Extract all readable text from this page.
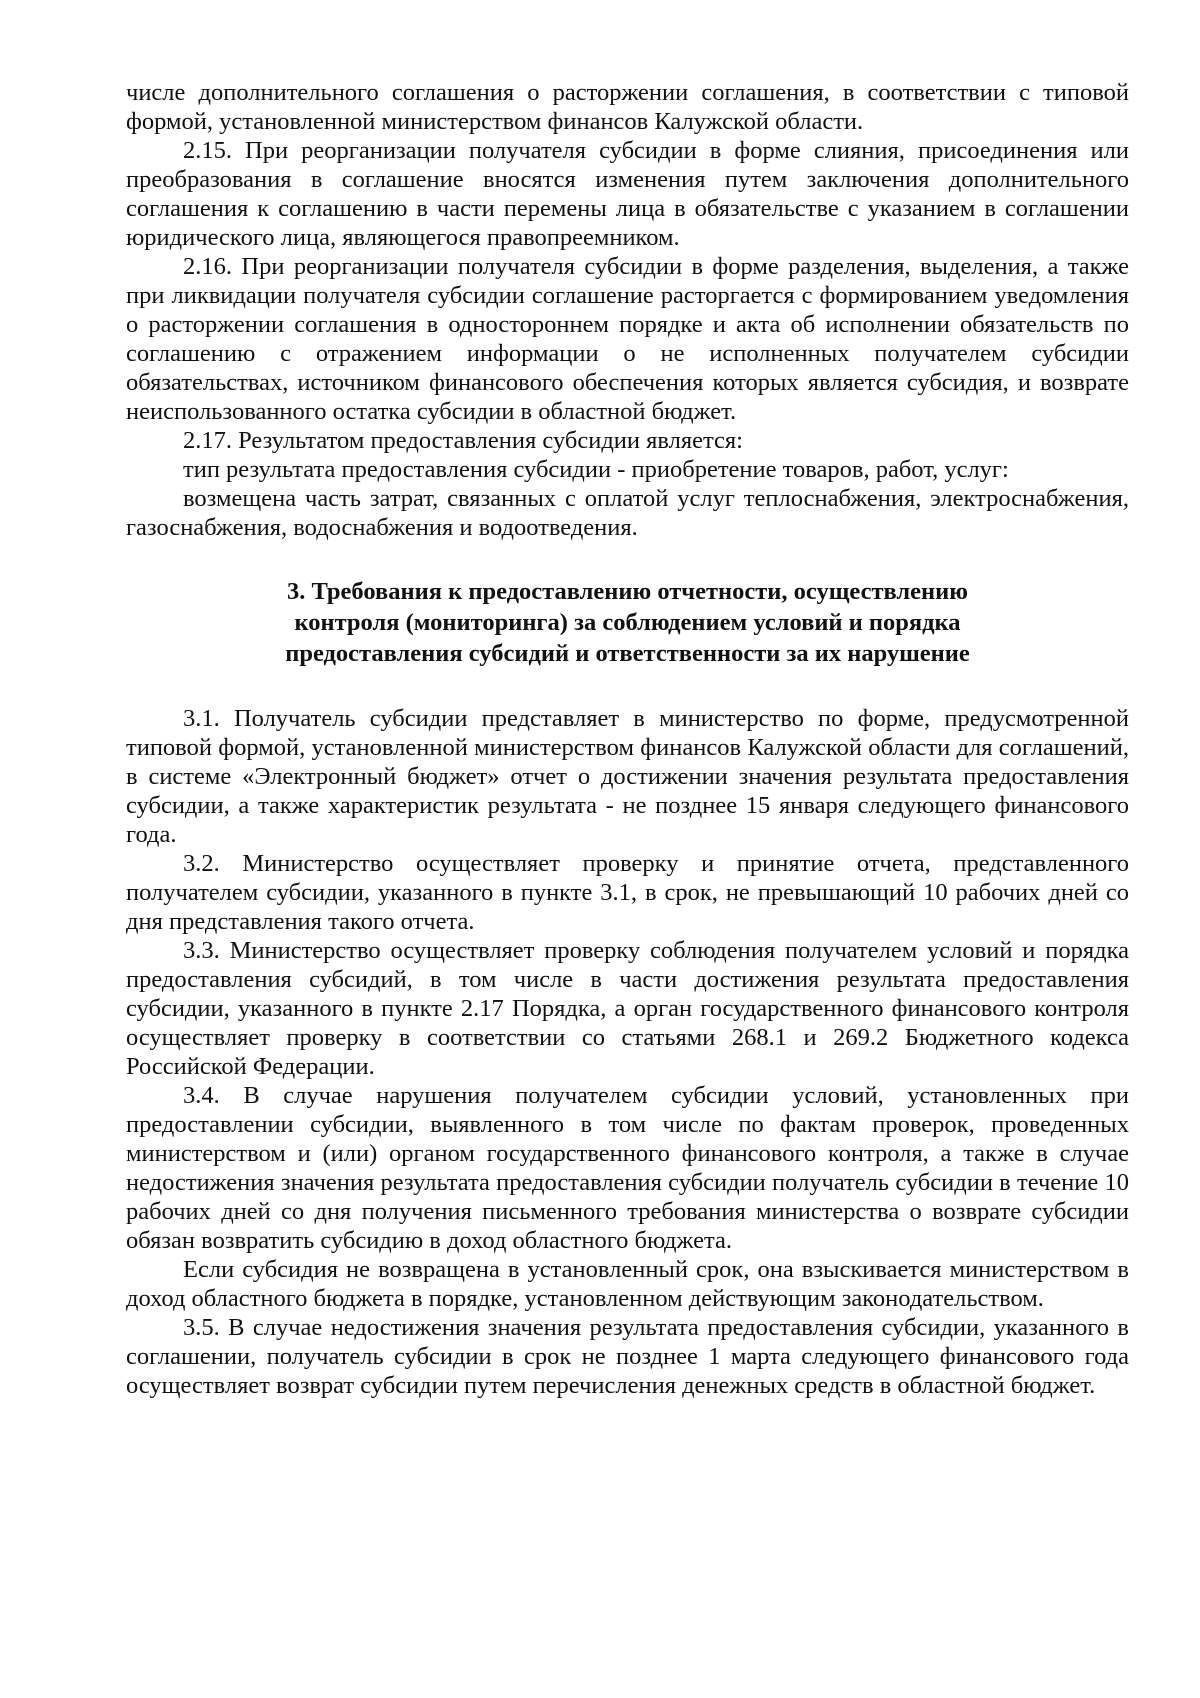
числе дополнительного соглашения о расторжении соглашения, в соответствии с типовой формой, установленной министерством финансов Калужской области.

2.15. При реорганизации получателя субсидии в форме слияния, присоединения или преобразования в соглашение вносятся изменения путем заключения дополнительного соглашения к соглашению в части перемены лица в обязательстве с указанием в соглашении юридического лица, являющегося правопреемником.

2.16. При реорганизации получателя субсидии в форме разделения, выделения, а также при ликвидации получателя субсидии соглашение расторгается с формированием уведомления о расторжении соглашения в одностороннем порядке и акта об исполнении обязательств по соглашению с отражением информации о не исполненных получателем субсидии обязательствах, источником финансового обеспечения которых является субсидия, и возврате неиспользованного остатка субсидии в областной бюджет.

2.17. Результатом предоставления субсидии является:

тип результата предоставления субсидии - приобретение товаров, работ, услуг:

возмещена часть затрат, связанных с оплатой услуг теплоснабжения, электроснабжения, газоснабжения, водоснабжения и водоотведения.

3. Требования к предоставлению отчетности, осуществлению
контроля (мониторинга) за соблюдением условий и порядка
предоставления субсидий и ответственности за их нарушение

3.1. Получатель субсидии представляет в министерство по форме, предусмотренной типовой формой, установленной министерством финансов Калужской области для соглашений, в системе «Электронный бюджет» отчет о достижении значения результата предоставления субсидии, а также характеристик результата - не позднее 15 января следующего финансового года.

3.2. Министерство осуществляет проверку и принятие отчета, представленного получателем субсидии, указанного в пункте 3.1, в срок, не превышающий 10 рабочих дней со дня представления такого отчета.

3.3. Министерство осуществляет проверку соблюдения получателем условий и порядка предоставления субсидий, в том числе в части достижения результата предоставления субсидии, указанного в пункте 2.17 Порядка, а орган государственного финансового контроля осуществляет проверку в соответствии со статьями 268.1 и 269.2 Бюджетного кодекса Российской Федерации.

3.4. В случае нарушения получателем субсидии условий, установленных при предоставлении субсидии, выявленного в том числе по фактам проверок, проведенных министерством и (или) органом государственного финансового контроля, а также в случае недостижения значения результата предоставления субсидии получатель субсидии в течение 10 рабочих дней со дня получения письменного требования министерства о возврате субсидии обязан возвратить субсидию в доход областного бюджета.

Если субсидия не возвращена в установленный срок, она взыскивается министерством в доход областного бюджета в порядке, установленном действующим законодательством.

3.5. В случае недостижения значения результата предоставления субсидии, указанного в соглашении, получатель субсидии в срок не позднее 1 марта следующего финансового года осуществляет возврат субсидии путем перечисления денежных средств в областной бюджет.
